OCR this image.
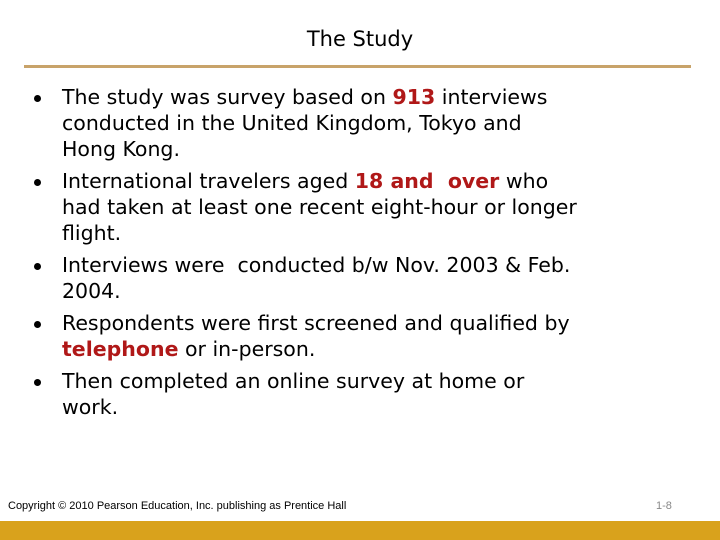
The Study
The study was survey based on 913 interviews
conducted in the United Kingdom, Tokyo and
Hong Kong.
International travelers aged 18 and  over who
had taken at least one recent eight-hour or longer
flight.
Interviews were  conducted b/w Nov. 2003 & Feb.
2004.
Respondents were first screened and qualified by
telephone or in-person.
Then completed an online survey at home or
work.
Copyright © 2010 Pearson Education, Inc. publishing as Prentice Hall	1-8
